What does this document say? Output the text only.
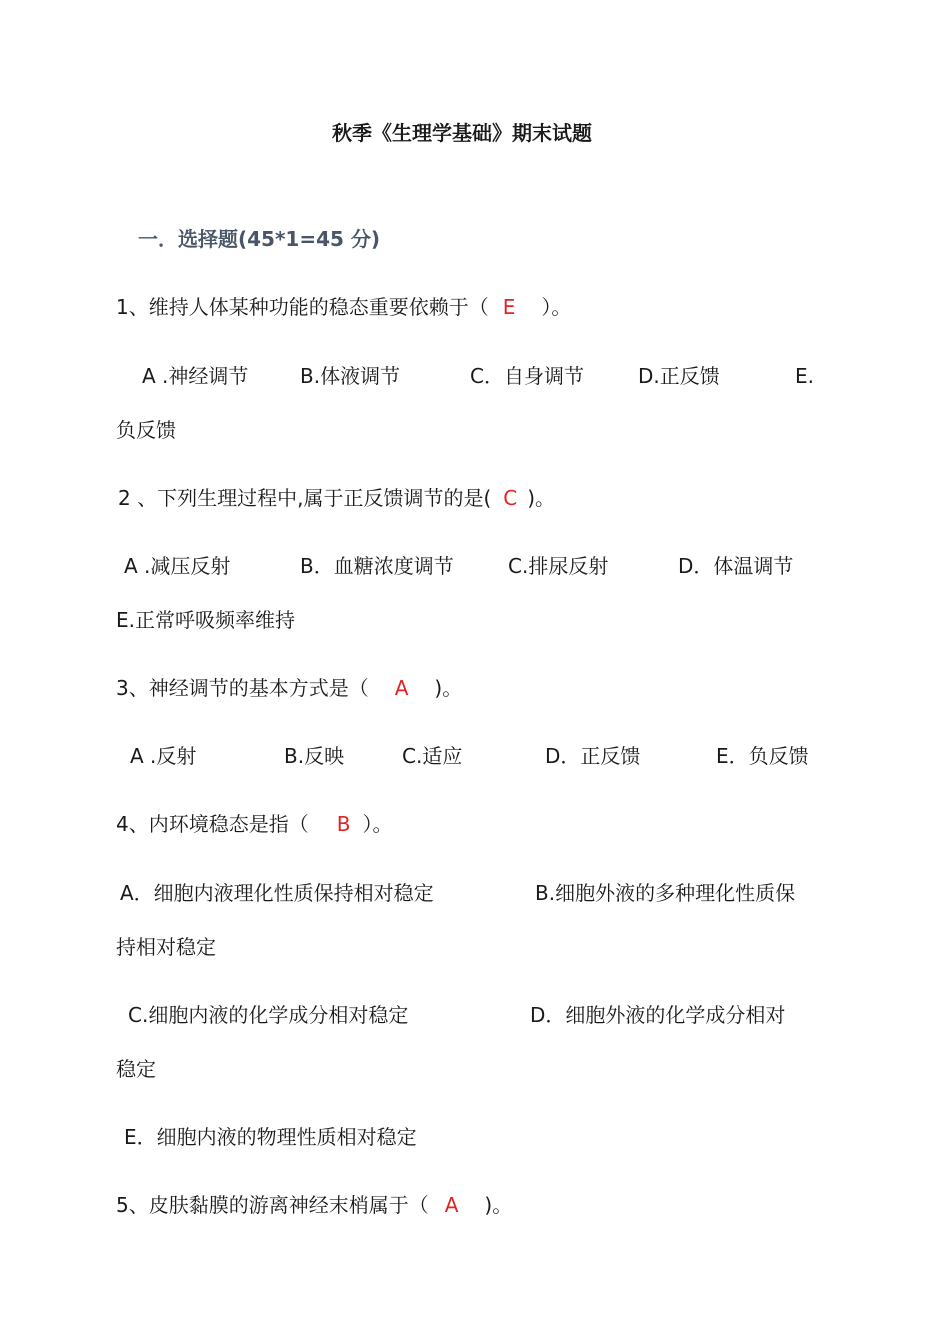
秋季《生理学基础》期末试题
一．选择题(45*1=45 分)
1、维持人体某种功能的稳态重要依赖于（ E ）。
A .神经调节	B.体液调节	C．自身调节	D.正反馈	E.
负反馈
2 、下列生理过程中,属于正反馈调节的是( C )。
A .减压反射	B．血糖浓度调节	C.排尿反射	D．体温调节
E.正常呼吸频率维持
3、神经调节的基本方式是（ A )。
A .反射	B.反映	C.适应	D．正反馈	E．负反馈
4、内环境稳态是指（ B ）。
A．细胞内液理化性质保持相对稳定	B.细胞外液的多种理化性质保
持相对稳定
C.细胞内液的化学成分相对稳定	D．细胞外液的化学成分相对
稳定
E．细胞内液的物理性质相对稳定
5、皮肤黏膜的游离神经末梢属于（ A )。
